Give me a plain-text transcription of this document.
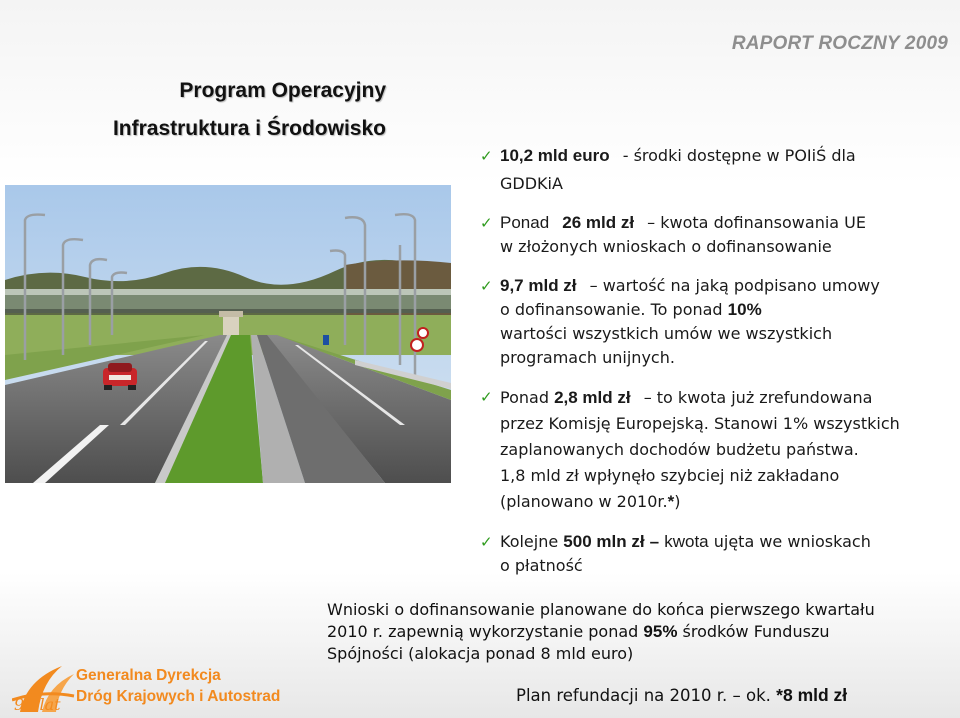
RAPORT ROCZNY 2009
Program Operacyjny
Infrastruktura i Środowisko
✓ 10,2 mld euro - środki dostępne w POIiŚ dla
GDDKiA
✓ Ponad 26 mld zł – kwota dofinansowania UE
w złożonych wnioskach o dofinansowanie
✓ 9,7 mld zł – wartość na jaką podpisano umowy
o dofinansowanie. To ponad 10%
wartości wszystkich umów we wszystkich
programach unijnych.
✓ Ponad 2,8 mld zł – to kwota już zrefundowana
przez Komisję Europejską. Stanowi 1% wszystkich
zaplanowanych dochodów budżetu państwa.
1,8 mld zł wpłynęło szybciej niż zakładano
(planowano w 2010r.*)
✓ Kolejne 500 mln zł – kwota ujęta we wnioskach
o płatność
Wnioski o dofinansowanie planowane do końca pierwszego kwartału
2010 r. zapewnią wykorzystanie ponad 95% środków Funduszu
Spójności (alokacja ponad 8 mld euro)
Plan refundacji na 2010 r. – ok. *8 mld zł
90 lat
Generalna Dyrekcja
Dróg Krajowych i Autostrad
